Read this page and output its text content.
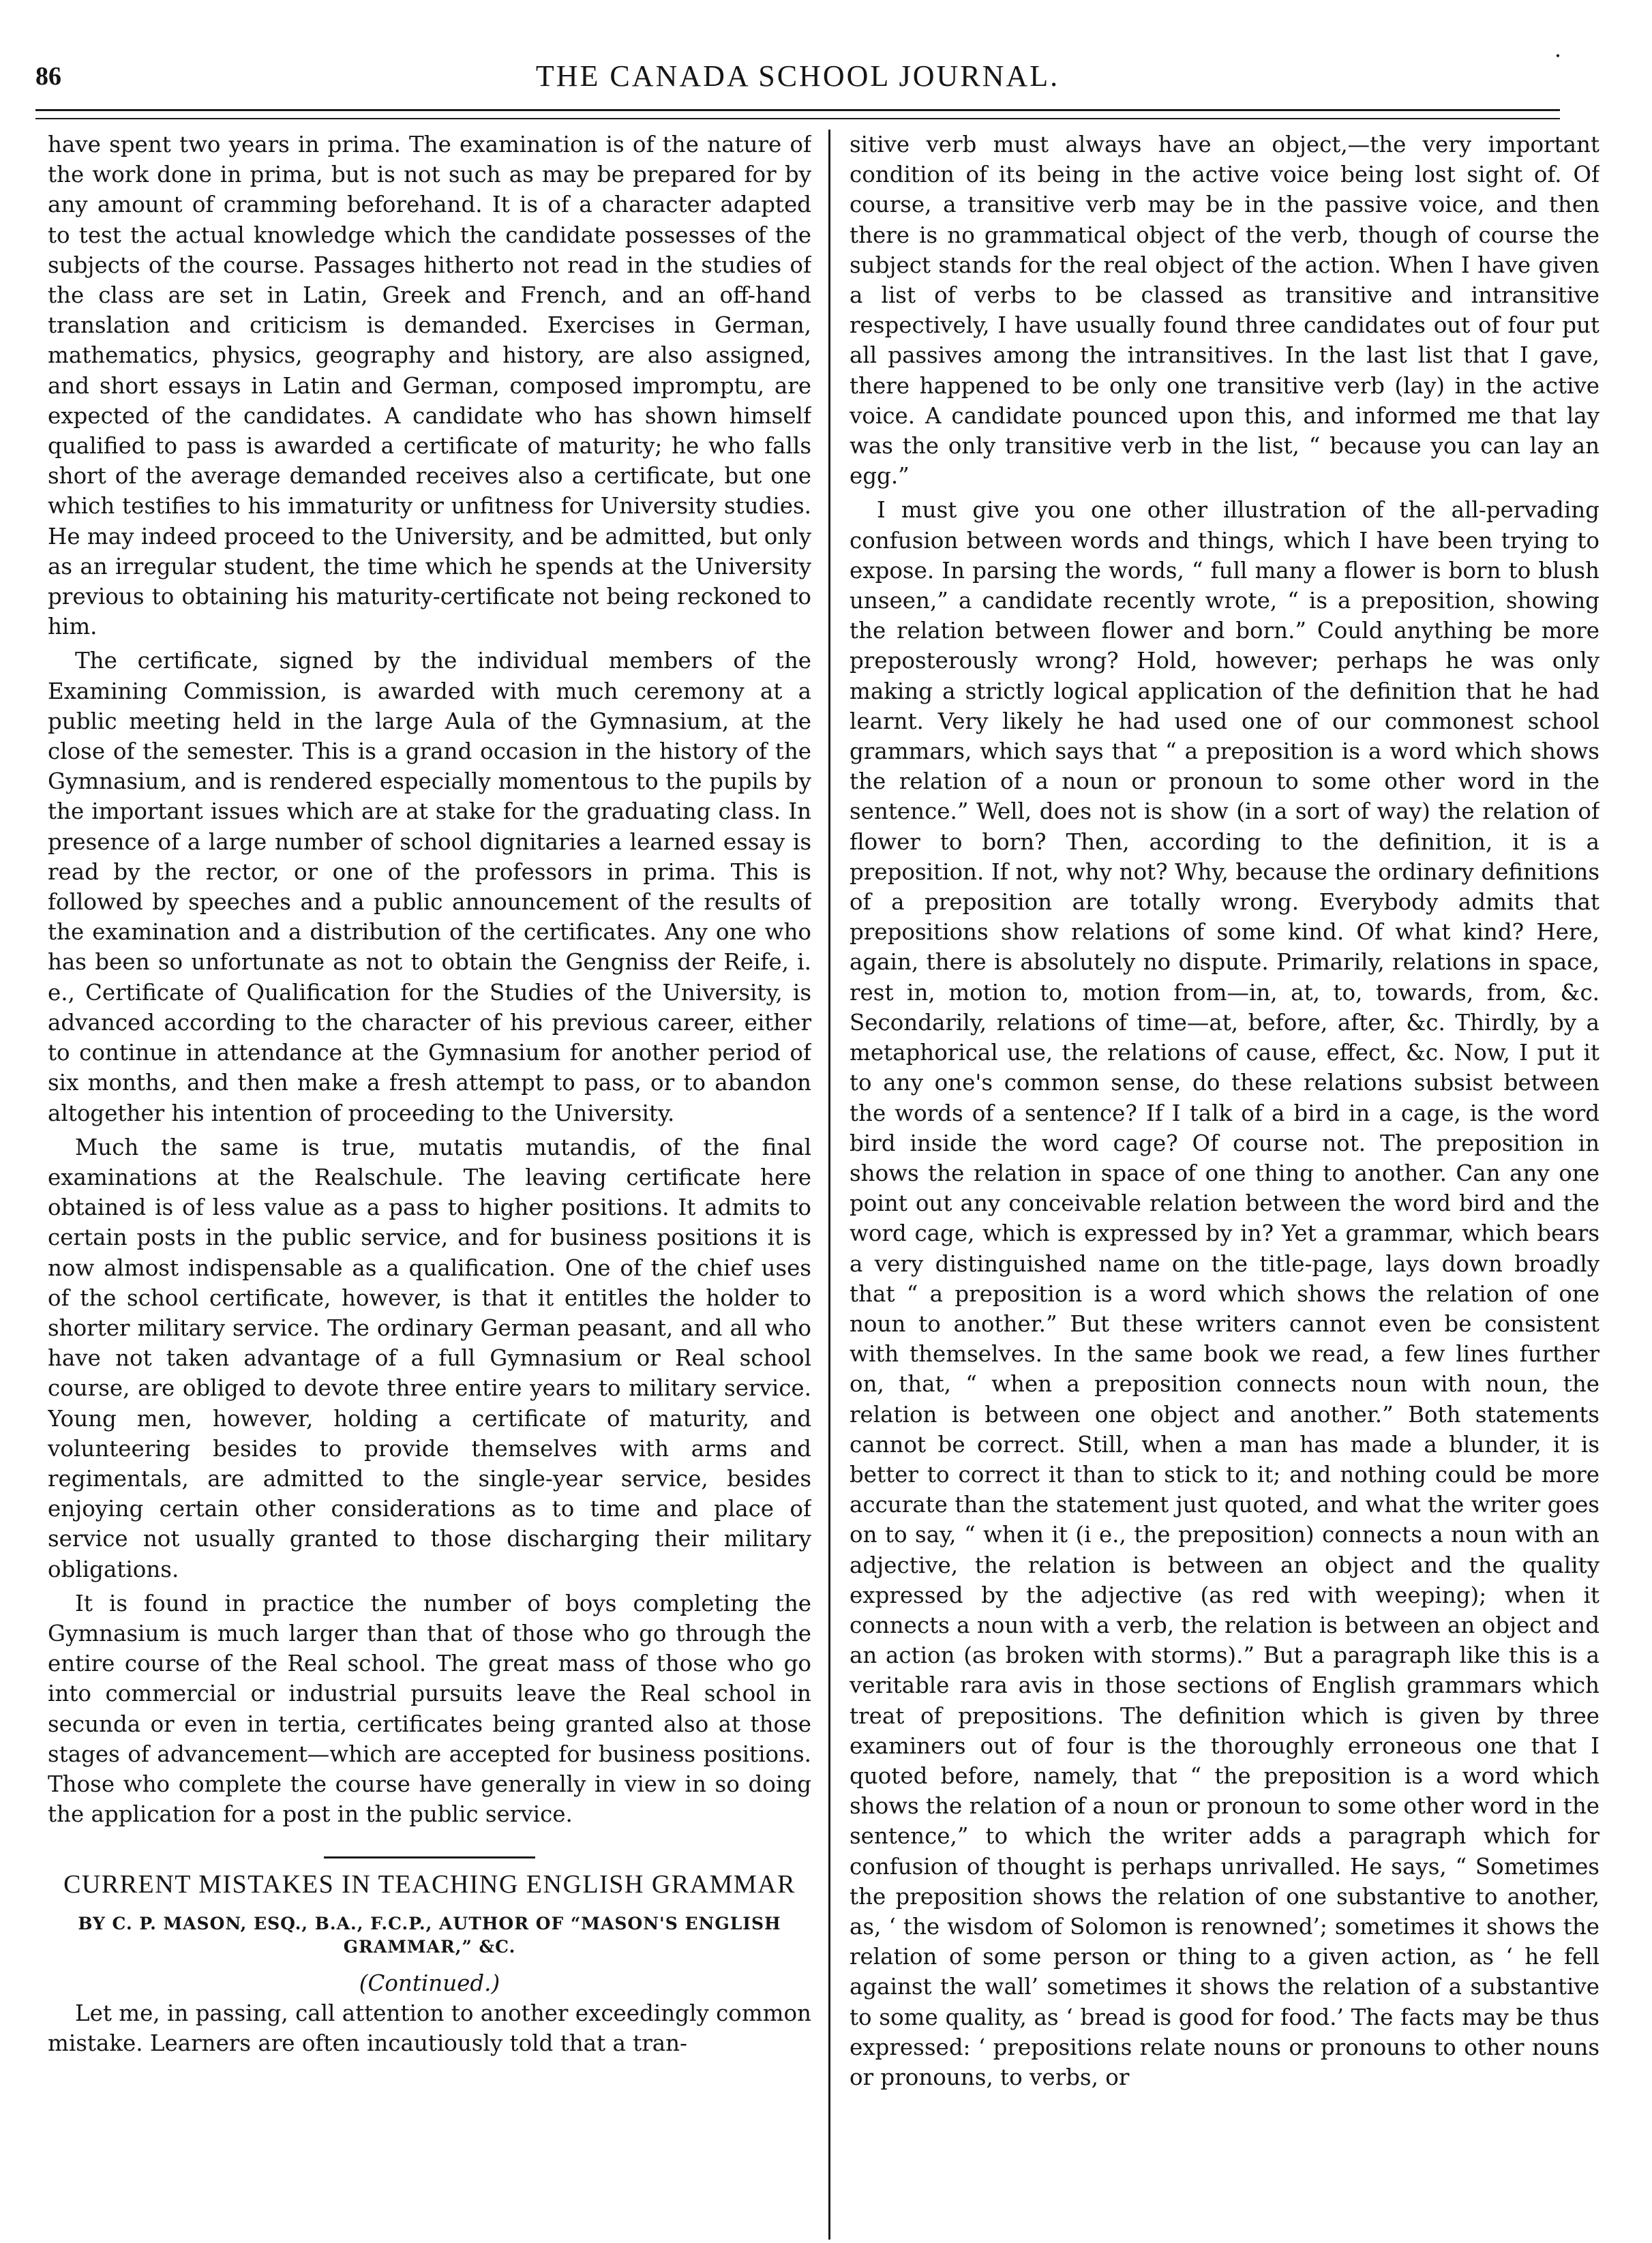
86	THE CANADA SCHOOL JOURNAL.
•

have spent two years in prima. The examination is of the nature of the work done in prima, but is not such as may be prepared for by any amount of cramming beforehand. It is of a character adapted to test the actual knowledge which the candidate possesses of the subjects of the course. Passages hitherto not read in the studies of the class are set in Latin, Greek and French, and an off-hand translation and criticism is demanded. Exercises in German, mathematics, physics, geography and history, are also assigned, and short essays in Latin and German, composed impromptu, are expected of the candidates. A candidate who has shown himself qualified to pass is awarded a certificate of maturity; he who falls short of the average demanded receives also a certificate, but one which testifies to his immaturity or unfitness for University studies. He may indeed proceed to the University, and be admitted, but only as an irregular student, the time which he spends at the University previous to obtaining his maturity-certificate not being reckoned to him.

The certificate, signed by the individual members of the Examining Commission, is awarded with much ceremony at a public meeting held in the large Aula of the Gymnasium, at the close of the semester. This is a grand occasion in the history of the Gymnasium, and is rendered especially momentous to the pupils by the important issues which are at stake for the graduating class. In presence of a large number of school dignitaries a learned essay is read by the rector, or one of the professors in prima. This is followed by speeches and a public announcement of the results of the examination and a distribution of the certificates. Any one who has been so unfortunate as not to obtain the Gengniss der Reife, i. e., Certificate of Qualification for the Studies of the University, is advanced according to the character of his previous career, either to continue in attendance at the Gymnasium for another period of six months, and then make a fresh attempt to pass, or to abandon altogether his intention of proceeding to the University.

Much the same is true, mutatis mutandis, of the final examinations at the Realschule. The leaving certificate here obtained is of less value as a pass to higher positions. It admits to certain posts in the public service, and for business positions it is now almost indispensable as a qualification. One of the chief uses of the school certificate, however, is that it entitles the holder to shorter military service. The ordinary German peasant, and all who have not taken advantage of a full Gymnasium or Real school course, are obliged to devote three entire years to military service. Young men, however, holding a certificate of maturity, and volunteering besides to provide themselves with arms and regimentals, are admitted to the single-year service, besides enjoying certain other considerations as to time and place of service not usually granted to those discharging their military obligations.

It is found in practice the number of boys completing the Gymnasium is much larger than that of those who go through the entire course of the Real school. The great mass of those who go into commercial or industrial pursuits leave the Real school in secunda or even in tertia, certificates being granted also at those stages of advancement—which are accepted for business positions. Those who complete the course have generally in view in so doing the application for a post in the public service.

CURRENT MISTAKES IN TEACHING ENGLISH GRAMMAR
BY C. P. MASON, ESQ., B.A., F.C.P., AUTHOR OF “MASON'S ENGLISH GRAMMAR,” &C.
(Continued.)

Let me, in passing, call attention to another exceedingly common mistake. Learners are often incautiously told that a tran-

sitive verb must always have an object,—the very important condition of its being in the active voice being lost sight of. Of course, a transitive verb may be in the passive voice, and then there is no grammatical object of the verb, though of course the subject stands for the real object of the action. When I have given a list of verbs to be classed as transitive and intransitive respectively, I have usually found three candidates out of four put all passives among the intransitives. In the last list that I gave, there happened to be only one transitive verb (lay) in the active voice. A candidate pounced upon this, and informed me that lay was the only transitive verb in the list, “ because you can lay an egg.”

I must give you one other illustration of the all-pervading confusion between words and things, which I have been trying to expose. In parsing the words, “ full many a flower is born to blush unseen,” a candidate recently wrote, “ is a preposition, showing the relation between flower and born.” Could anything be more preposterously wrong? Hold, however; perhaps he was only making a strictly logical application of the definition that he had learnt. Very likely he had used one of our commonest school grammars, which says that “ a preposition is a word which shows the relation of a noun or pronoun to some other word in the sentence.” Well, does not is show (in a sort of way) the relation of flower to born? Then, according to the definition, it is a preposition. If not, why not? Why, because the ordinary definitions of a preposition are totally wrong. Everybody admits that prepositions show relations of some kind. Of what kind? Here, again, there is absolutely no dispute. Primarily, relations in space, rest in, motion to, motion from—in, at, to, towards, from, &c. Secondarily, relations of time—at, before, after, &c. Thirdly, by a metaphorical use, the relations of cause, effect, &c. Now, I put it to any one's common sense, do these relations subsist between the words of a sentence? If I talk of a bird in a cage, is the word bird inside the word cage? Of course not. The preposition in shows the relation in space of one thing to another. Can any one point out any conceivable relation between the word bird and the word cage, which is expressed by in? Yet a grammar, which bears a very distinguished name on the title-page, lays down broadly that “ a preposition is a word which shows the relation of one noun to another.” But these writers cannot even be consistent with themselves. In the same book we read, a few lines further on, that, “ when a preposition connects noun with noun, the relation is between one object and another.” Both statements cannot be correct. Still, when a man has made a blunder, it is better to correct it than to stick to it; and nothing could be more accurate than the statement just quoted, and what the writer goes on to say, “ when it (i e., the preposition) connects a noun with an adjective, the relation is between an object and the quality expressed by the adjective (as red with weeping); when it connects a noun with a verb, the relation is between an object and an action (as broken with storms).” But a paragraph like this is a veritable rara avis in those sections of English grammars which treat of prepositions. The definition which is given by three examiners out of four is the thoroughly erroneous one that I quoted before, namely, that “ the preposition is a word which shows the relation of a noun or pronoun to some other word in the sentence,” to which the writer adds a paragraph which for confusion of thought is perhaps unrivalled. He says, “ Sometimes the preposition shows the relation of one substantive to another, as, ‘ the wisdom of Solomon is renowned’; sometimes it shows the relation of some person or thing to a given action, as ‘ he fell against the wall’ sometimes it shows the relation of a substantive to some quality, as ‘ bread is good for food.’ The facts may be thus expressed: ‘ prepositions relate nouns or pronouns to other nouns or pronouns, to verbs, or
